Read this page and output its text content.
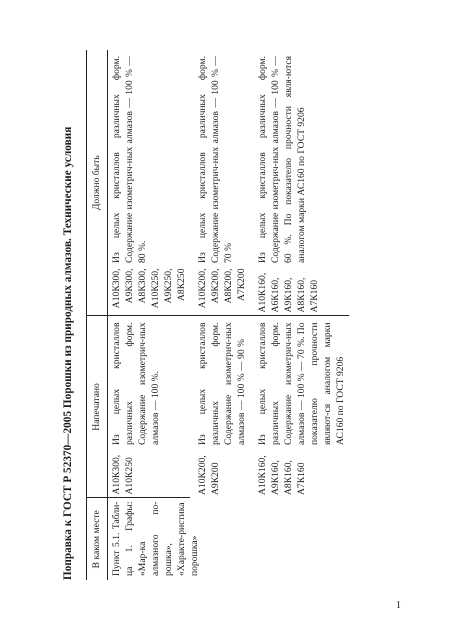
Поправка к ГОСТ Р 52370—2005 Порошки из природных алмазов. Технические условия	В каком месте	Напечатано		Должно быть	

Пункт 5.1. Табли-ца 1. Графы: «Мар-ка алмазного по-рошка», «Характе-ристика порошка»	А10К300, А10К250	Из целых кристаллов различных форм. Содержание изометрич-ных алмазов — 100 %.	А10К300, А9К300, А8К300, А10К250, А9К250, А8К250	Из целых кристаллов различных форм. Содержание изометрич-ных алмазов — 100 % — 80 %.

	А10К200, А9К200	Из целых кристаллов различных форм. Содержание изометрич-ных алмазов — 100 % — 90 %	А10К200, А9К200, А8К200, А7К200	Из целых кристаллов различных форм. Содержание изометрич-ных алмазов — 100 % — 70 %

	А10К160, А9К160, А8К160, А7К160	Из целых кристаллов различных форм. Содержание изометрич-ных алмазов — 100 % — 70 %. По показателю прочности являют-ся аналогом марки АС160 по ГОСТ 9206	А10К160, А6К160, А9К160, А8К160, А7К160	Из целых кристаллов различных форм. Содержание изометрич-ных алмазов — 100 % — 60 %. По показателю прочности явля-ются аналогом марки АС160 по ГОСТ 9206
1
